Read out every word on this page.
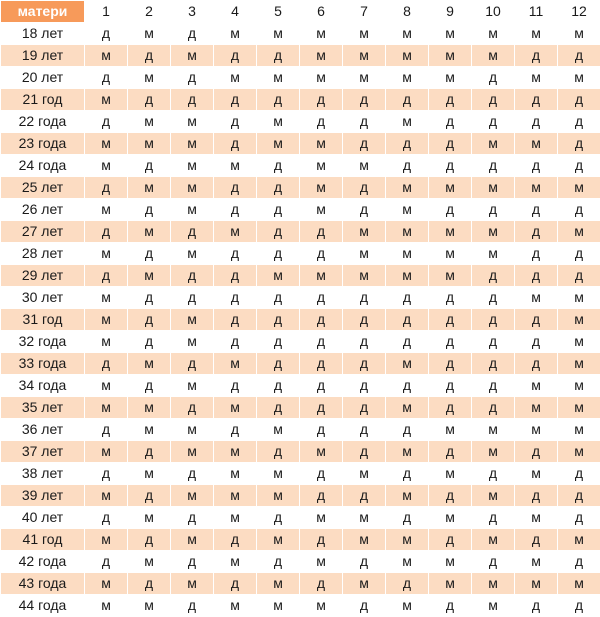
матери	1	2	3	4	5	6	7	8	9	10	11	12
18 лет	д	м	д	м	м	м	м	м	м	м	м	м
19 лет	м	д	м	д	д	м	м	м	м	м	д	д
20 лет	д	м	д	м	м	м	м	м	м	д	м	м
21 год	м	д	д	д	д	д	д	д	д	д	д	д
22 года	д	м	м	д	м	д	д	м	д	д	д	д
23 года	м	м	м	д	м	м	д	д	д	м	м	д
24 года	м	д	м	м	д	м	м	д	д	д	д	д
25 лет	д	м	м	д	д	м	д	м	м	м	м	м
26 лет	м	д	м	д	д	м	д	м	д	д	д	д
27 лет	д	м	д	м	д	д	м	м	м	м	д	м
28 лет	м	д	м	д	д	д	м	м	м	м	д	д
29 лет	д	м	д	д	м	м	м	м	м	д	д	д
30 лет	м	д	д	д	д	д	д	д	д	д	м	м
31 год	м	д	м	д	д	д	д	д	д	д	д	м
32 года	м	д	м	д	д	д	д	д	д	д	д	м
33 года	д	м	д	м	д	д	д	м	д	д	д	м
34 года	м	д	м	д	д	д	д	д	д	д	м	м
35 лет	м	м	д	м	д	д	д	м	д	д	м	м
36 лет	д	м	м	д	м	д	д	д	м	м	м	м
37 лет	м	д	м	м	д	м	д	м	д	м	д	м
38 лет	д	м	д	м	м	д	м	д	м	д	м	д
39 лет	м	д	м	м	м	д	д	м	д	м	д	д
40 лет	д	м	д	м	д	м	м	д	м	д	м	д
41 год	м	д	м	д	м	д	м	м	д	м	д	м
42 года	д	м	д	м	д	м	д	м	м	д	м	д
43 года	м	д	м	д	м	д	м	д	м	м	м	м
44 года	м	м	д	м	м	м	д	м	д	м	д	д
